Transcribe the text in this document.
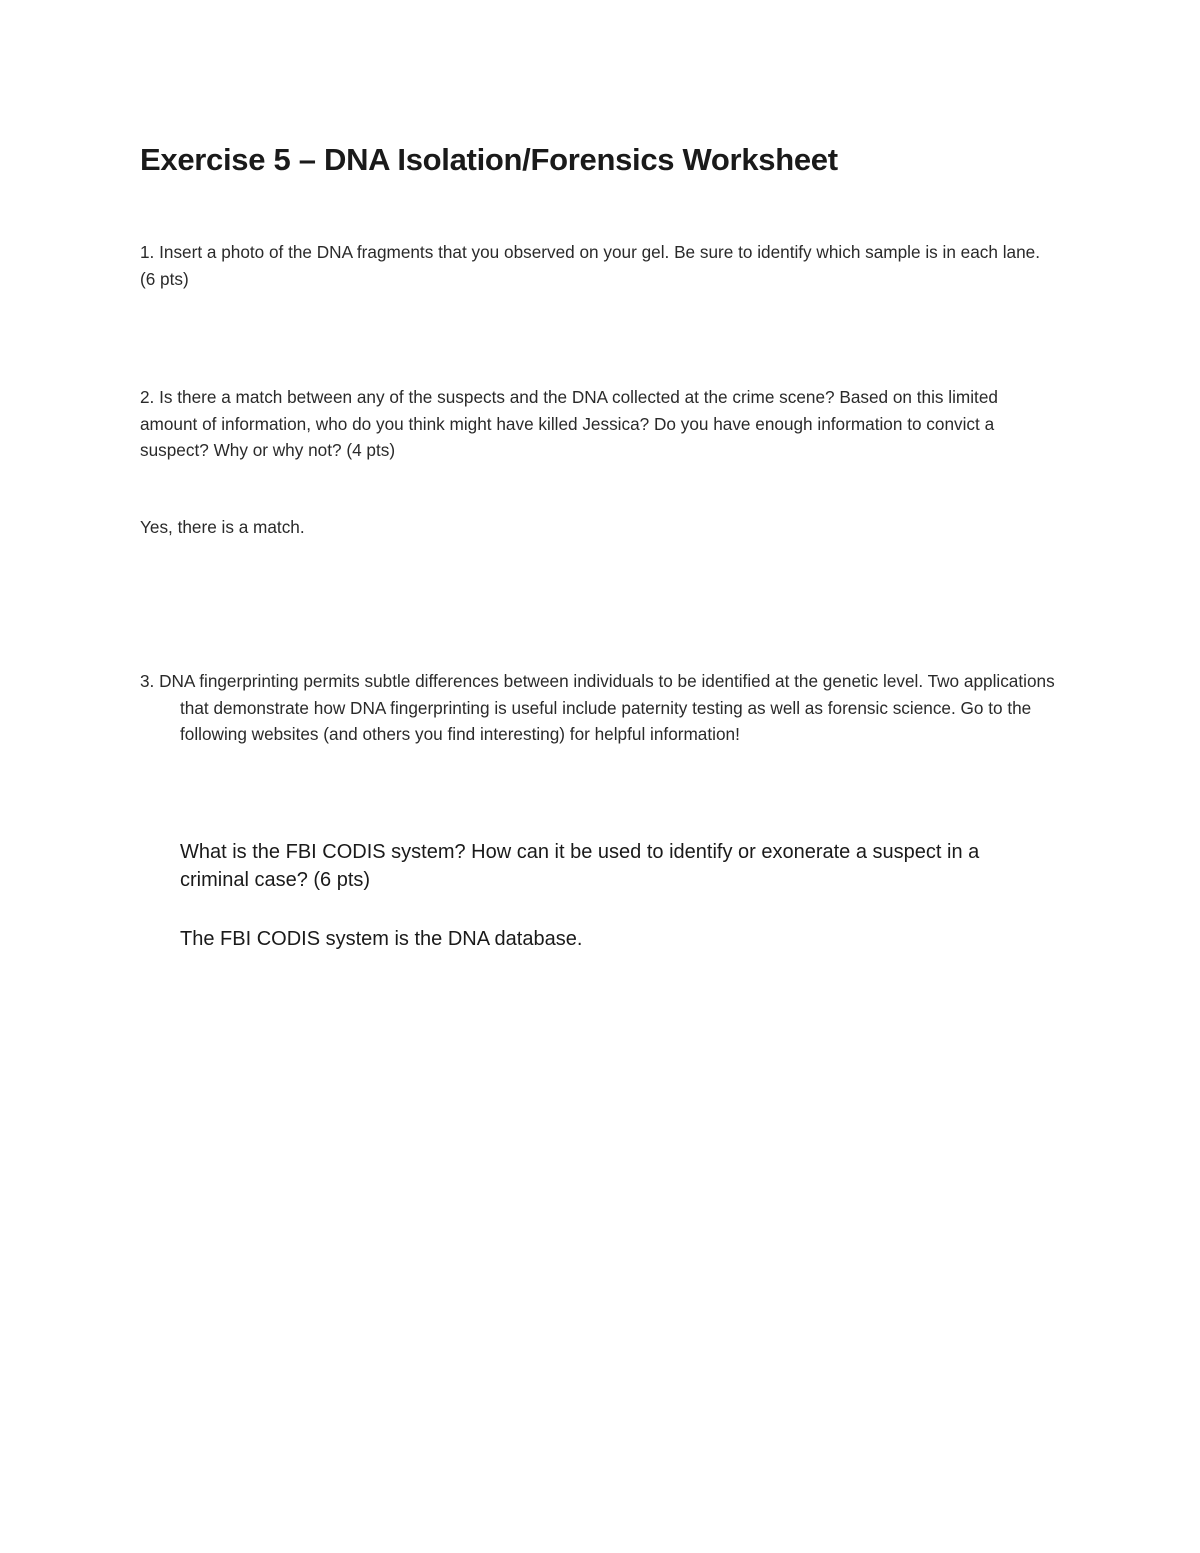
Exercise 5 – DNA Isolation/Forensics Worksheet

1. Insert a photo of the DNA fragments that you observed on your gel. Be sure to identify which sample is in each lane. (6 pts)

2. Is there a match between any of the suspects and the DNA collected at the crime scene? Based on this limited amount of information, who do you think might have killed Jessica? Do you have enough information to convict a suspect? Why or why not? (4 pts)

Yes, there is a match.

3. DNA fingerprinting permits subtle differences between individuals to be identified at the genetic level. Two applications that demonstrate how DNA fingerprinting is useful include paternity testing as well as forensic science. Go to the following websites (and others you find interesting) for helpful information!

What is the FBI CODIS system? How can it be used to identify or exonerate a suspect in a criminal case? (6 pts)

The FBI CODIS system is the DNA database.
